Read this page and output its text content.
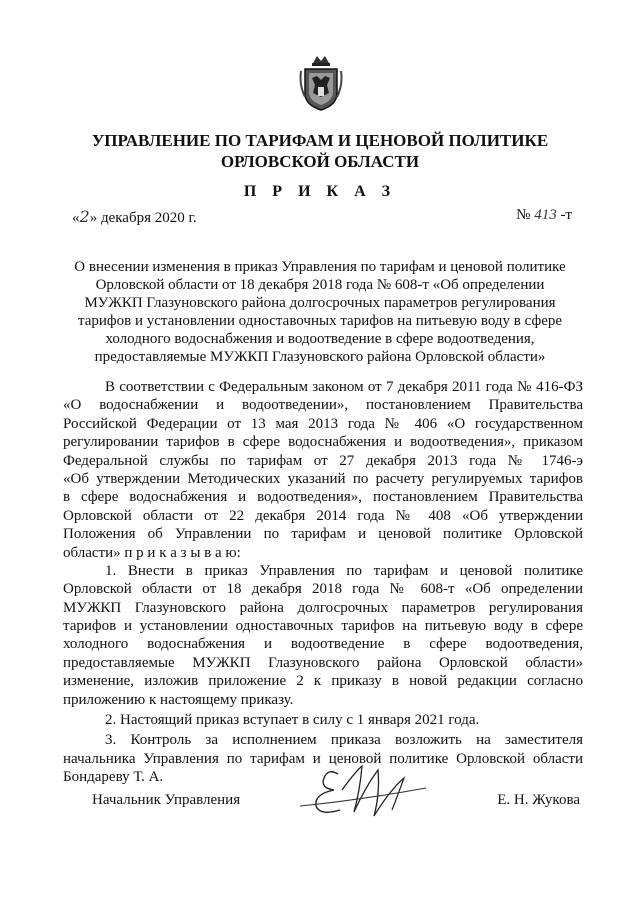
УПРАВЛЕНИЕ ПО ТАРИФАМ И ЦЕНОВОЙ ПОЛИТИКЕ
ОРЛОВСКОЙ ОБЛАСТИ
П Р И К А З
«2» декабря 2020 г.	№ 413 -т
О внесении изменения в приказ Управления по тарифам и ценовой политике
Орловской области от 18 декабря 2018 года № 608-т «Об определении
МУЖКП Глазуновского района долгосрочных параметров регулирования
тарифов и установлении одноставочных тарифов на питьевую воду в сфере
холодного водоснабжения и водоотведение в сфере водоотведения,
предоставляемые МУЖКП Глазуновского района Орловской области»
В соответствии с Федеральным законом от 7 декабря 2011 года № 416-ФЗ
«О водоснабжении и водоотведении», постановлением Правительства
Российской Федерации от 13 мая 2013 года № 406 «О государственном
регулировании тарифов в сфере водоснабжения и водоотведения», приказом
Федеральной службы по тарифам от 27 декабря 2013 года № 1746-э
«Об утверждении Методических указаний по расчету регулируемых тарифов
в сфере водоснабжения и водоотведения», постановлением Правительства
Орловской области от 22 декабря 2014 года № 408 «Об утверждении
Положения об Управлении по тарифам и ценовой политике Орловской
области» п р и к а з ы в а ю:
1. Внести в приказ Управления по тарифам и ценовой политике
Орловской области от 18 декабря 2018 года № 608-т «Об определении
МУЖКП Глазуновского района долгосрочных параметров регулирования
тарифов и установлении одноставочных тарифов на питьевую воду в сфере
холодного водоснабжения и водоотведение в сфере водоотведения,
предоставляемые МУЖКП Глазуновского района Орловской области»
изменение, изложив приложение 2 к приказу в новой редакции согласно
приложению к настоящему приказу.
2. Настоящий приказ вступает в силу с 1 января 2021 года.
3. Контроль за исполнением приказа возложить на заместителя
начальника Управления по тарифам и ценовой политике Орловской области
Бондареву Т. А.
Начальник Управления	Е. Н. Жукова
